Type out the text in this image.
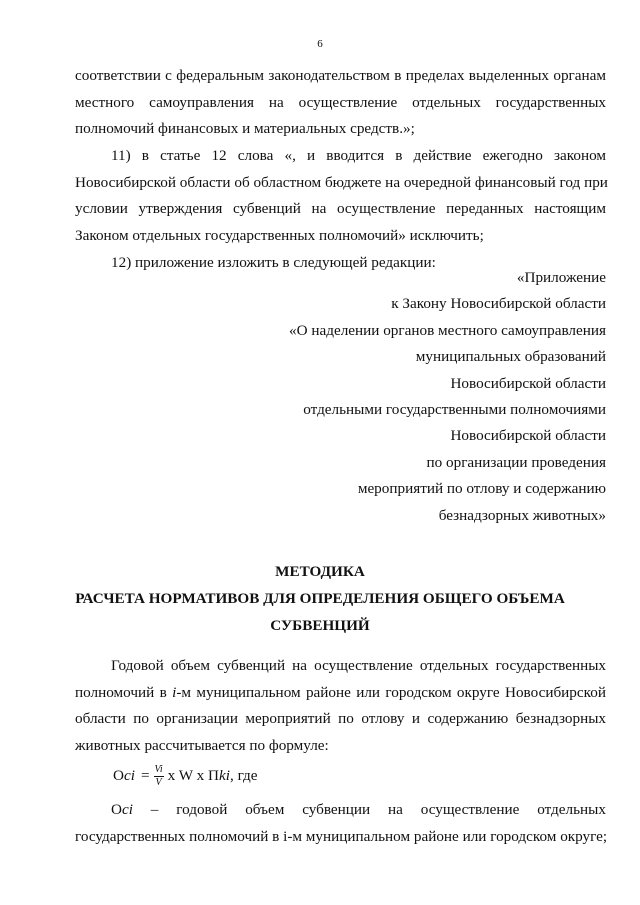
6
соответствии с федеральным законодательством в пределах выделенных органам
местного самоуправления на осуществление отдельных государственных
полномочий финансовых и материальных средств.»;
11) в статье 12 слова «, и вводится в действие ежегодно законом
Новосибирской области об областном бюджете на очередной финансовый год при
условии утверждения субвенций на осуществление переданных настоящим
Законом отдельных государственных полномочий» исключить;
12) приложение изложить в следующей редакции:
«Приложение
к Закону Новосибирской области
«О наделении органов местного самоуправления
муниципальных образований
Новосибирской области
отдельными государственными полномочиями
Новосибирской области
по организации проведения
мероприятий по отлову и содержанию
безнадзорных животных»
МЕТОДИКА
РАСЧЕТА НОРМАТИВОВ ДЛЯ ОПРЕДЕЛЕНИЯ ОБЩЕГО ОБЪЕМА
СУБВЕНЦИЙ
Годовой объем субвенций на осуществление отдельных государственных
полномочий в i-м муниципальном районе или городском округе Новосибирской
области по организации мероприятий по отлову и содержанию безнадзорных
животных рассчитывается по формуле:
Оci = $\frac{Vi}{V}$ x W x Пki, где
Оci – годовой объем субвенции на осуществление отдельных
государственных полномочий в i-м муниципальном районе или городском округе;
